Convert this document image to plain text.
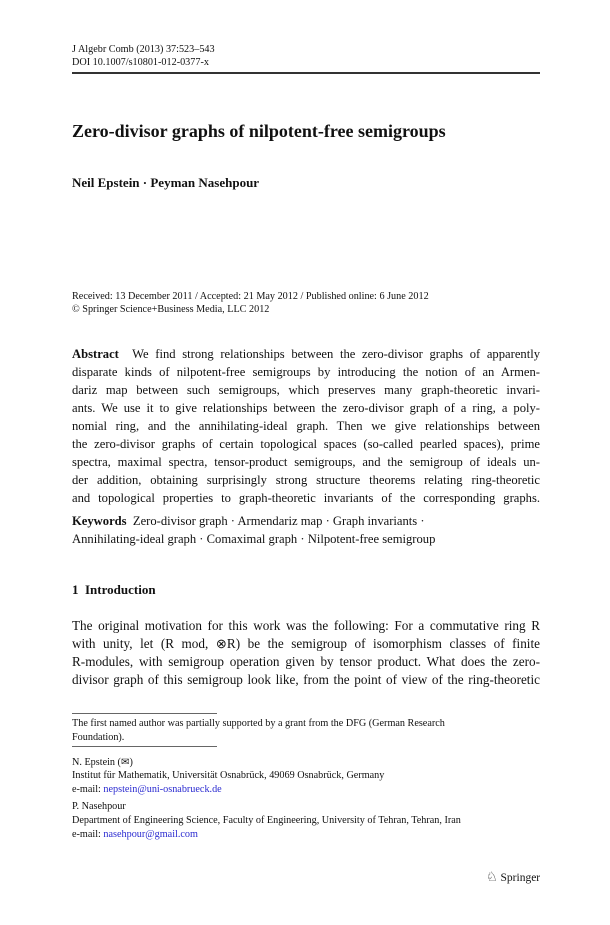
J Algebr Comb (2013) 37:523–543
DOI 10.1007/s10801-012-0377-x
Zero-divisor graphs of nilpotent-free semigroups
Neil Epstein · Peyman Nasehpour
Received: 13 December 2011 / Accepted: 21 May 2012 / Published online: 6 June 2012
© Springer Science+Business Media, LLC 2012
Abstract We find strong relationships between the zero-divisor graphs of apparently
disparate kinds of nilpotent-free semigroups by introducing the notion of an Armen-
dariz map between such semigroups, which preserves many graph-theoretic invari-
ants. We use it to give relationships between the zero-divisor graph of a ring, a poly-
nomial ring, and the annihilating-ideal graph. Then we give relationships between
the zero-divisor graphs of certain topological spaces (so-called pearled spaces), prime
spectra, maximal spectra, tensor-product semigroups, and the semigroup of ideals un-
der addition, obtaining surprisingly strong structure theorems relating ring-theoretic
and topological properties to graph-theoretic invariants of the corresponding graphs.
Keywords Zero-divisor graph · Armendariz map · Graph invariants ·
Annihilating-ideal graph · Comaximal graph · Nilpotent-free semigroup
1 Introduction
The original motivation for this work was the following: For a commutative ring R
with unity, let (R mod, ⊗R) be the semigroup of isomorphism classes of finite
R-modules, with semigroup operation given by tensor product. What does the zero-
divisor graph of this semigroup look like, from the point of view of the ring-theoretic
The first named author was partially supported by a grant from the DFG (German Research
Foundation).
N. Epstein (✉)
Institut für Mathematik, Universität Osnabrück, 49069 Osnabrück, Germany
e-mail: nepstein@uni-osnabrueck.de
P. Nasehpour
Department of Engineering Science, Faculty of Engineering, University of Tehran, Tehran, Iran
e-mail: nasehpour@gmail.com
♘ Springer
